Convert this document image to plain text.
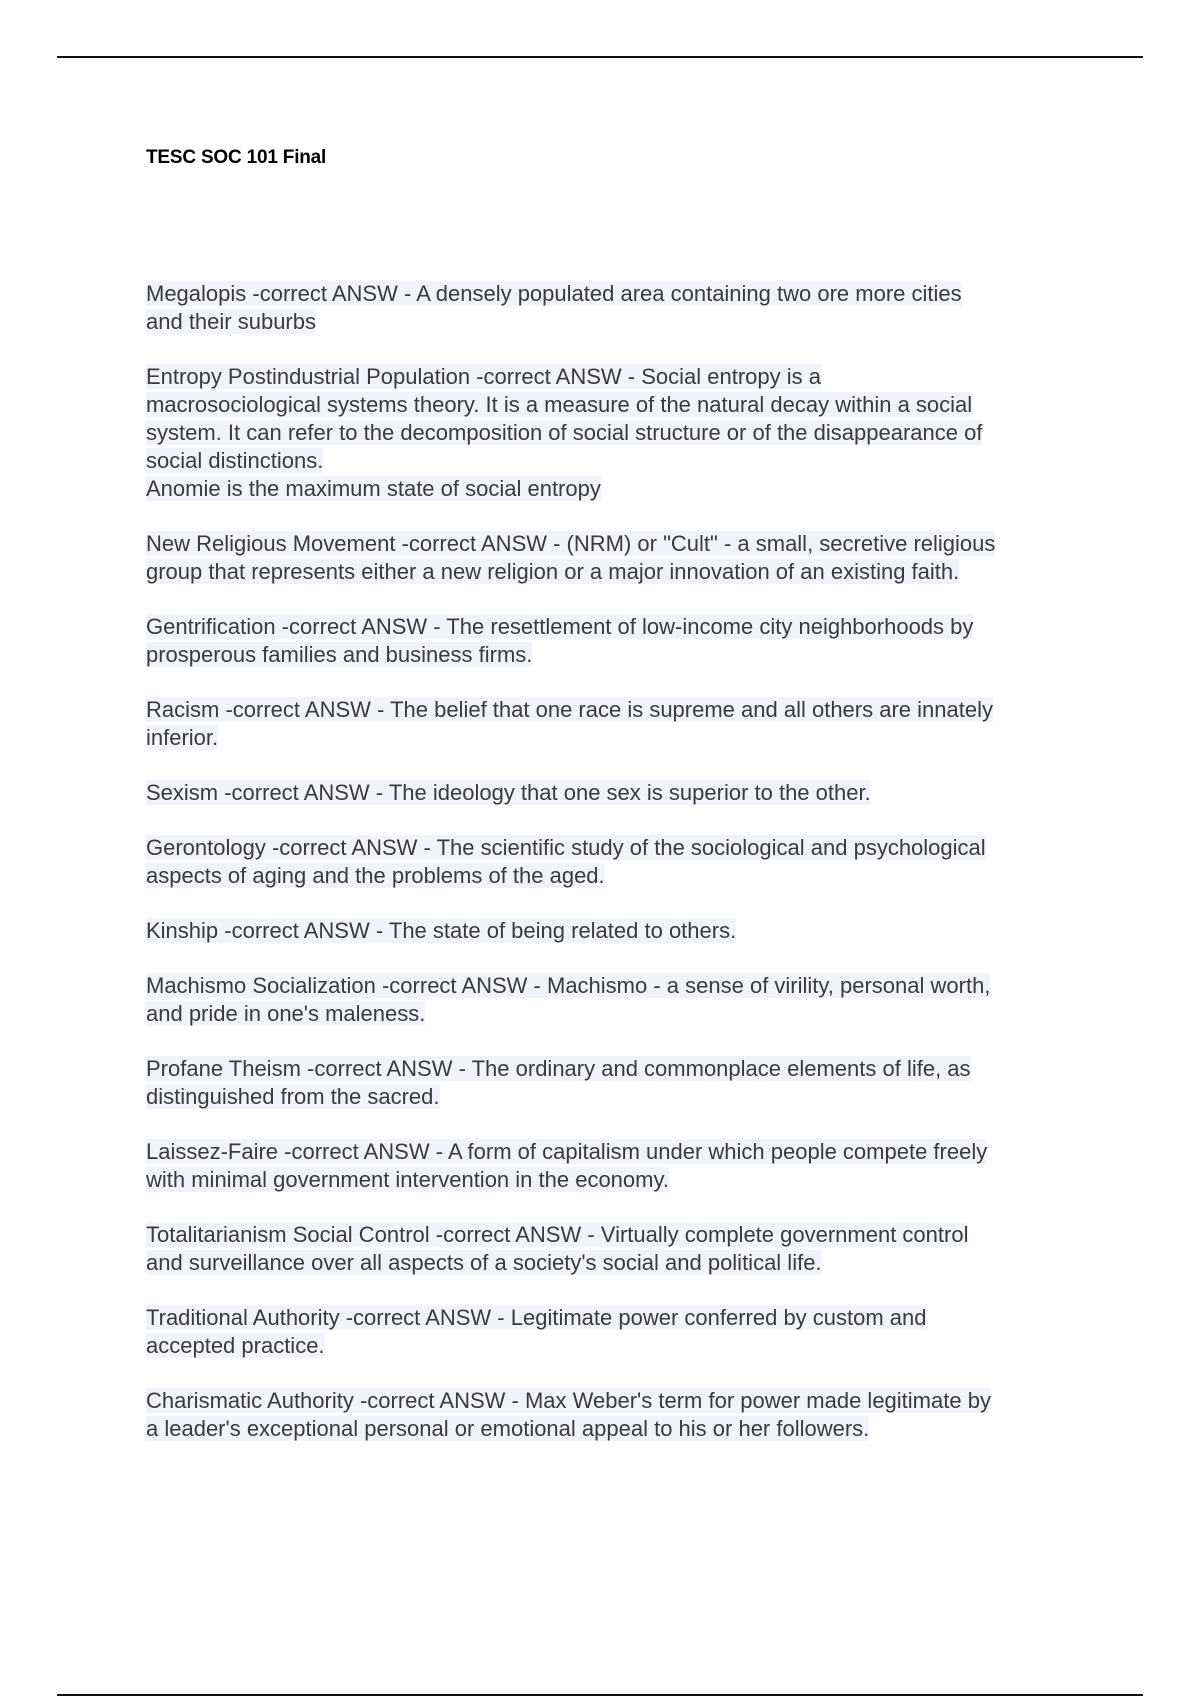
TESC SOC 101 Final
Megalopis -correct ANSW - A densely populated area containing two ore more cities
and their suburbs
Entropy Postindustrial Population -correct ANSW - Social entropy is a
macrosociological systems theory. It is a measure of the natural decay within a social
system. It can refer to the decomposition of social structure or of the disappearance of
social distinctions.
Anomie is the maximum state of social entropy
New Religious Movement -correct ANSW - (NRM) or "Cult" - a small, secretive religious
group that represents either a new religion or a major innovation of an existing faith.
Gentrification -correct ANSW - The resettlement of low-income city neighborhoods by
prosperous families and business firms.
Racism -correct ANSW - The belief that one race is supreme and all others are innately
inferior.
Sexism -correct ANSW - The ideology that one sex is superior to the other.
Gerontology -correct ANSW - The scientific study of the sociological and psychological
aspects of aging and the problems of the aged.
Kinship -correct ANSW - The state of being related to others.
Machismo Socialization -correct ANSW - Machismo - a sense of virility, personal worth,
and pride in one's maleness.
Profane Theism -correct ANSW - The ordinary and commonplace elements of life, as
distinguished from the sacred.
Laissez-Faire -correct ANSW - A form of capitalism under which people compete freely
with minimal government intervention in the economy.
Totalitarianism Social Control -correct ANSW - Virtually complete government control
and surveillance over all aspects of a society's social and political life.
Traditional Authority -correct ANSW - Legitimate power conferred by custom and
accepted practice.
Charismatic Authority -correct ANSW - Max Weber's term for power made legitimate by
a leader's exceptional personal or emotional appeal to his or her followers.
